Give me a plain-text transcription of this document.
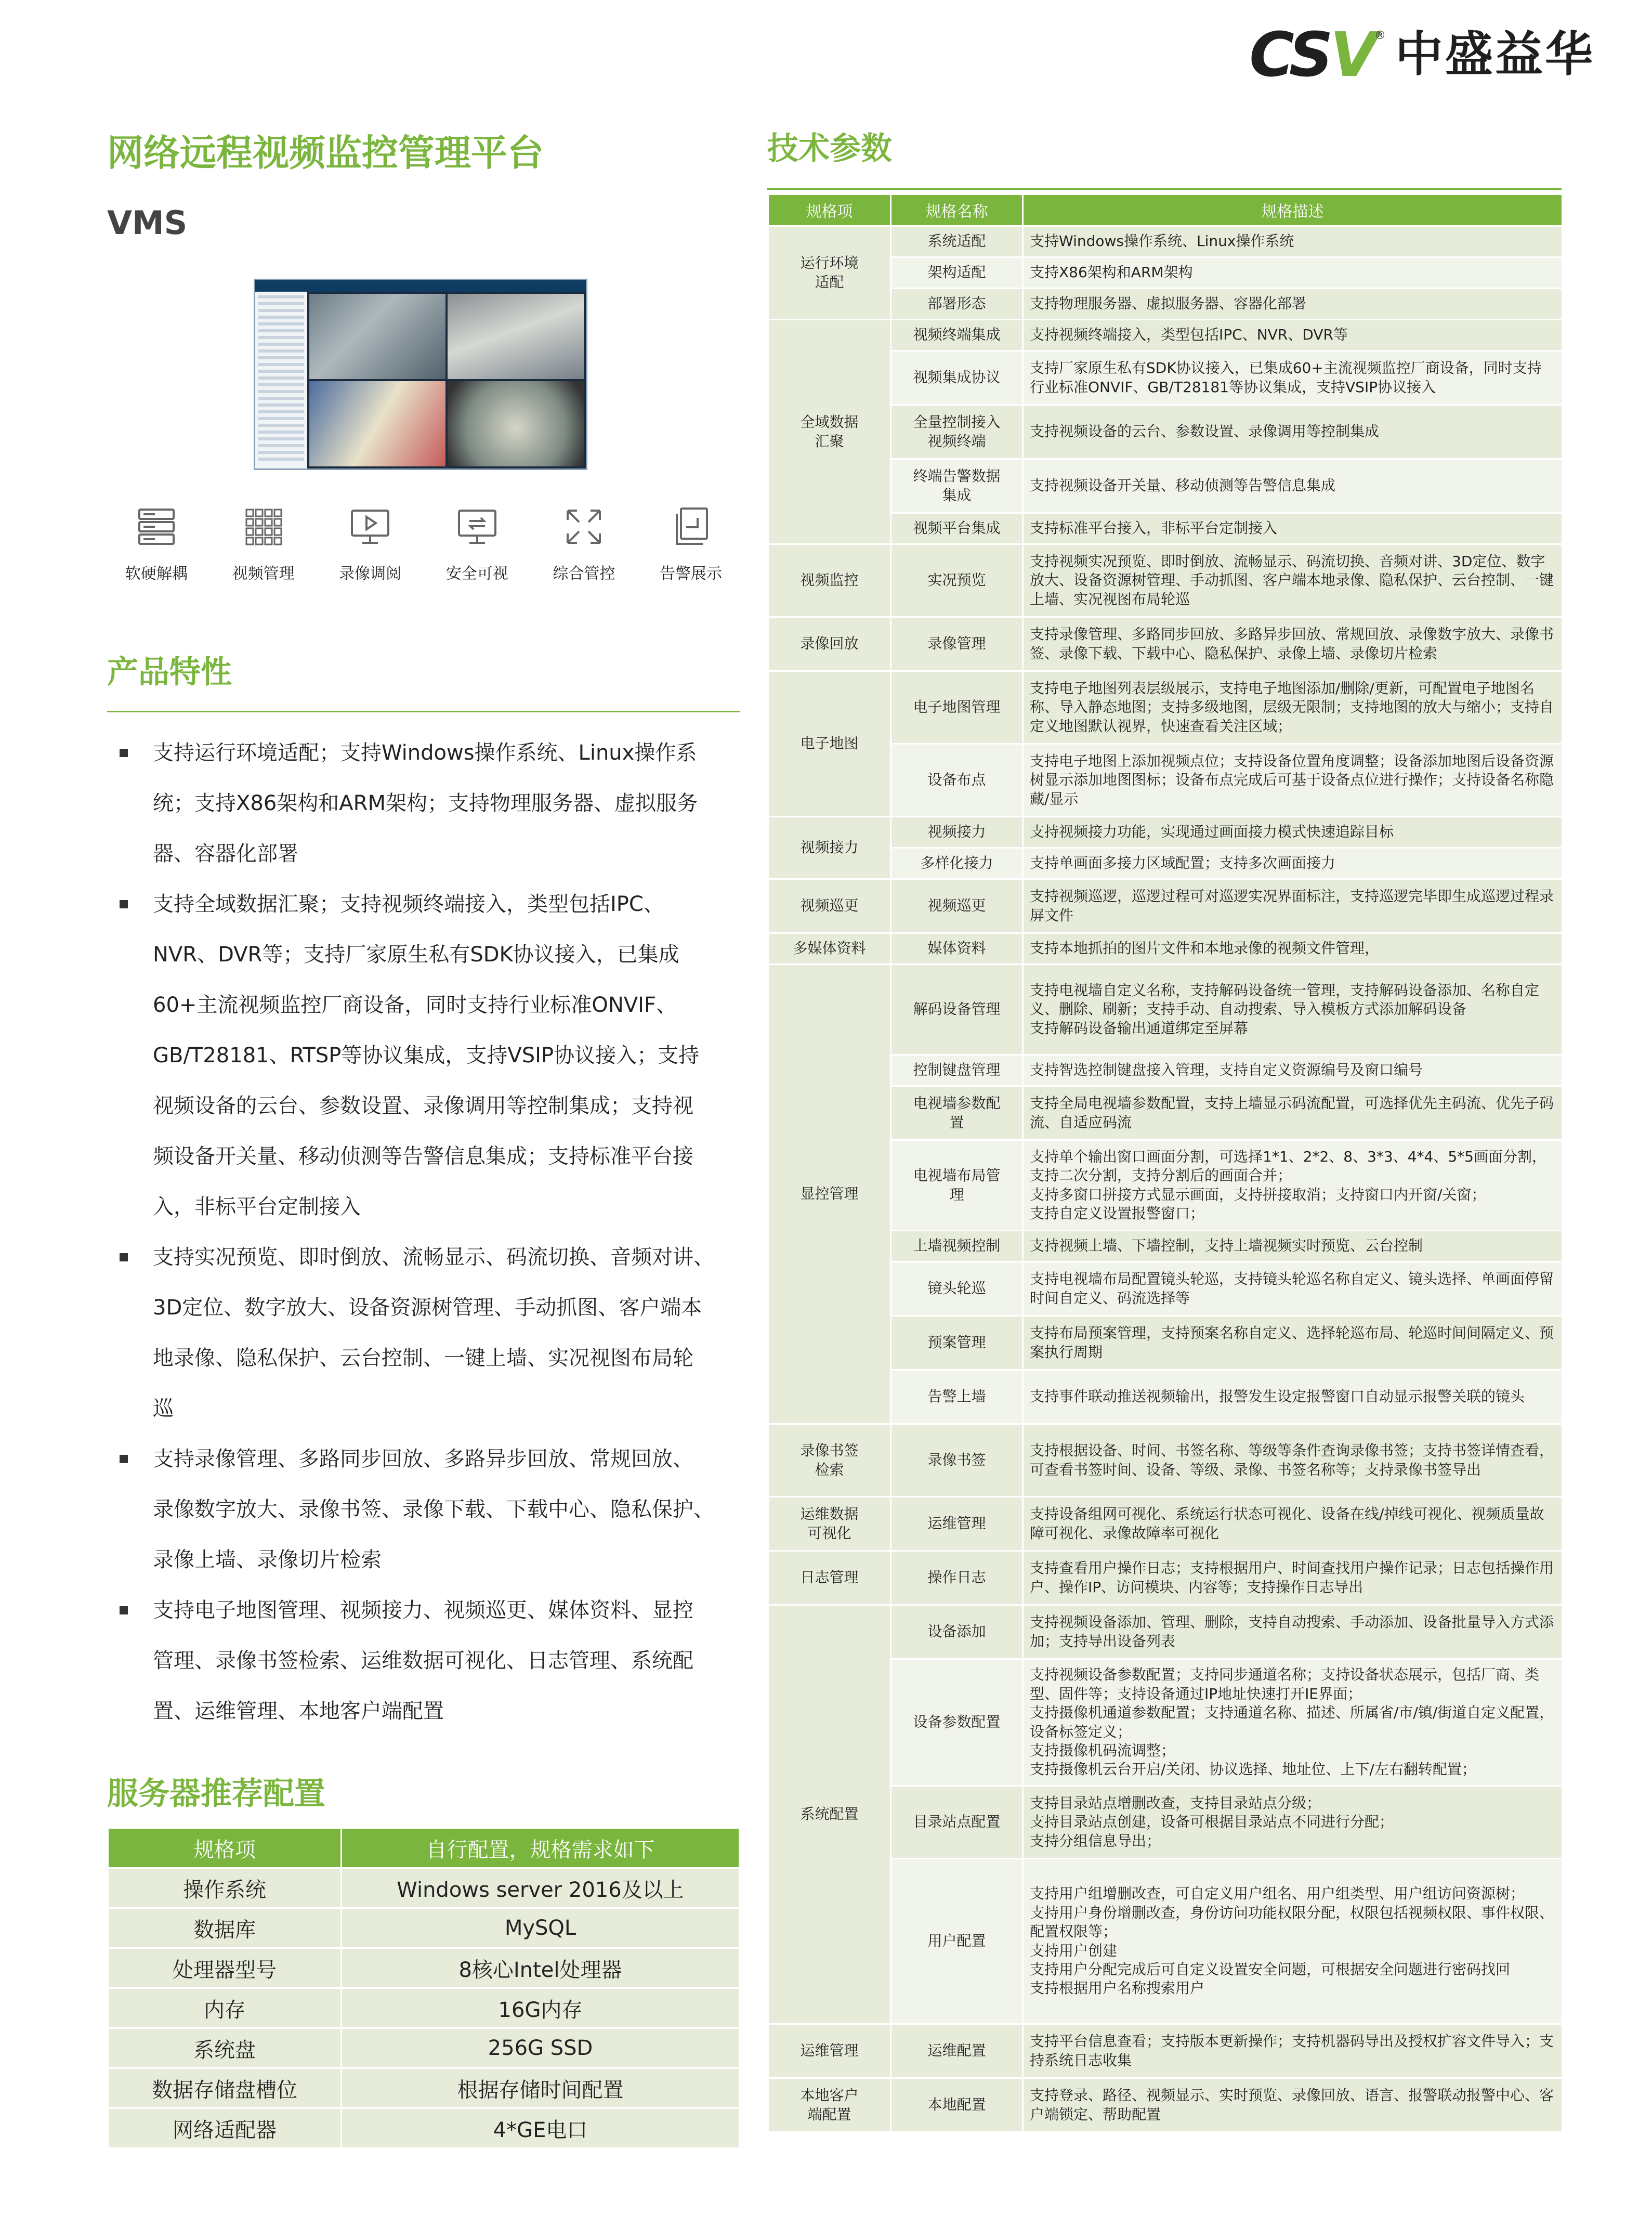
CSV ® 中盛益华
网络远程视频监控管理平台
VMS
软硬解耦	视频管理	录像调阅	安全可视	综合管控	告警展示
产品特性

支持运行环境适配；支持Windows操作系统、Linux操作系
统；支持X86架构和ARM架构；支持物理服务器、虚拟服务
器、容器化部署

支持全域数据汇聚；支持视频终端接入，类型包括IPC、
NVR、DVR等；支持厂家原生私有SDK协议接入，已集成
60+主流视频监控厂商设备，同时支持行业标准ONVIF、
GB/T28181、RTSP等协议集成，支持VSIP协议接入；支持
视频设备的云台、参数设置、录像调用等控制集成；支持视
频设备开关量、移动侦测等告警信息集成；支持标准平台接
入，非标平台定制接入

支持实况预览、即时倒放、流畅显示、码流切换、音频对讲、
3D定位、数字放大、设备资源树管理、手动抓图、客户端本
地录像、隐私保护、云台控制、一键上墙、实况视图布局轮
巡

支持录像管理、多路同步回放、多路异步回放、常规回放、
录像数字放大、录像书签、录像下载、下载中心、隐私保护、
录像上墙、录像切片检索

支持电子地图管理、视频接力、视频巡更、媒体资料、显控
管理、录像书签检索、运维数据可视化、日志管理、系统配
置、运维管理、本地客户端配置

服务器推荐配置
规格项	自行配置，规格需求如下
操作系统	Windows server 2016及以上
数据库	MySQL
处理器型号	8核心Intel处理器
内存	16G内存
系统盘	256G SSD
数据存储盘槽位	根据存储时间配置
网络适配器	4*GE电口
技术参数
规格项	规格名称	规格描述
运行环境
适配	系统适配	支持Windows操作系统、Linux操作系统
	架构适配	支持X86架构和ARM架构
	部署形态	支持物理服务器、虚拟服务器、容器化部署
全域数据
汇聚	视频终端集成	支持视频终端接入，类型包括IPC、NVR、DVR等
	视频集成协议	支持厂家原生私有SDK协议接入，已集成60+主流视频监控厂商设备，同时支持行业标准ONVIF、GB/T28181等协议集成，支持VSIP协议接入
	全量控制接入
视频终端	支持视频设备的云台、参数设置、录像调用等控制集成
	终端告警数据
集成	支持视频设备开关量、移动侦测等告警信息集成
	视频平台集成	支持标准平台接入，非标平台定制接入
视频监控	实况预览	支持视频实况预览、即时倒放、流畅显示、码流切换、音频对讲、3D定位、数字放大、设备资源树管理、手动抓图、客户端本地录像、隐私保护、云台控制、一键上墙、实况视图布局轮巡
录像回放	录像管理	支持录像管理、多路同步回放、多路异步回放、常规回放、录像数字放大、录像书签、录像下载、下载中心、隐私保护、录像上墙、录像切片检索
电子地图	电子地图管理	支持电子地图列表层级展示，支持电子地图添加/删除/更新，可配置电子地图名称、导入静态地图；支持多级地图，层级无限制；支持地图的放大与缩小；支持自定义地图默认视界，快速查看关注区域；
	设备布点	支持电子地图上添加视频点位；支持设备位置角度调整；设备添加地图后设备资源树显示添加地图图标；设备布点完成后可基于设备点位进行操作；支持设备名称隐藏/显示
视频接力	视频接力	支持视频接力功能，实现通过画面接力模式快速追踪目标
	多样化接力	支持单画面多接力区域配置；支持多次画面接力
视频巡更	视频巡更	支持视频巡逻，巡逻过程可对巡逻实况界面标注，支持巡逻完毕即生成巡逻过程录屏文件
多媒体资料	媒体资料	支持本地抓拍的图片文件和本地录像的视频文件管理，
显控管理	解码设备管理	支持电视墙自定义名称，支持解码设备统一管理，支持解码设备添加、名称自定义、删除、刷新；支持手动、自动搜索、导入模板方式添加解码设备
支持解码设备输出通道绑定至屏幕
	控制键盘管理	支持智选控制键盘接入管理，支持自定义资源编号及窗口编号
	电视墙参数配
置	支持全局电视墙参数配置，支持上墙显示码流配置，可选择优先主码流、优先子码流、自适应码流
	电视墙布局管
理	支持单个输出窗口画面分割，可选择1*1、2*2、8、3*3、4*4、5*5画面分割，支持二次分割，支持分割后的画面合并；
支持多窗口拼接方式显示画面，支持拼接取消；支持窗口内开窗/关窗；
支持自定义设置报警窗口；
	上墙视频控制	支持视频上墙、下墙控制，支持上墙视频实时预览、云台控制
	镜头轮巡	支持电视墙布局配置镜头轮巡，支持镜头轮巡名称自定义、镜头选择、单画面停留时间自定义、码流选择等
	预案管理	支持布局预案管理，支持预案名称自定义、选择轮巡布局、轮巡时间间隔定义、预案执行周期
	告警上墙	支持事件联动推送视频输出，报警发生设定报警窗口自动显示报警关联的镜头
录像书签
检索	录像书签	支持根据设备、时间、书签名称、等级等条件查询录像书签；支持书签详情查看，可查看书签时间、设备、等级、录像、书签名称等；支持录像书签导出
运维数据
可视化	运维管理	支持设备组网可视化、系统运行状态可视化、设备在线/掉线可视化、视频质量故障可视化、录像故障率可视化
日志管理	操作日志	支持查看用户操作日志；支持根据用户、时间查找用户操作记录；日志包括操作用户、操作IP、访问模块、内容等；支持操作日志导出
系统配置	设备添加	支持视频设备添加、管理、删除，支持自动搜索、手动添加、设备批量导入方式添加；支持导出设备列表
	设备参数配置	支持视频设备参数配置；支持同步通道名称；支持设备状态展示，包括厂商、类型、固件等；支持设备通过IP地址快速打开IE界面；
支持摄像机通道参数配置；支持通道名称、描述、所属省/市/镇/街道自定义配置，设备标签定义；
支持摄像机码流调整；
支持摄像机云台开启/关闭、协议选择、地址位、上下/左右翻转配置；
	目录站点配置	支持目录站点增删改查，支持目录站点分级；
支持目录站点创建，设备可根据目录站点不同进行分配；
支持分组信息导出；
	用户配置	支持用户组增删改查，可自定义用户组名、用户组类型、用户组访问资源树；
支持用户身份增删改查，身份访问功能权限分配，权限包括视频权限、事件权限、配置权限等；
支持用户创建
支持用户分配完成后可自定义设置安全问题，可根据安全问题进行密码找回
支持根据用户名称搜索用户
运维管理	运维配置	支持平台信息查看；支持版本更新操作；支持机器码导出及授权扩容文件导入；支持系统日志收集
本地客户
端配置	本地配置	支持登录、路径、视频显示、实时预览、录像回放、语言、报警联动报警中心、客户端锁定、帮助配置
